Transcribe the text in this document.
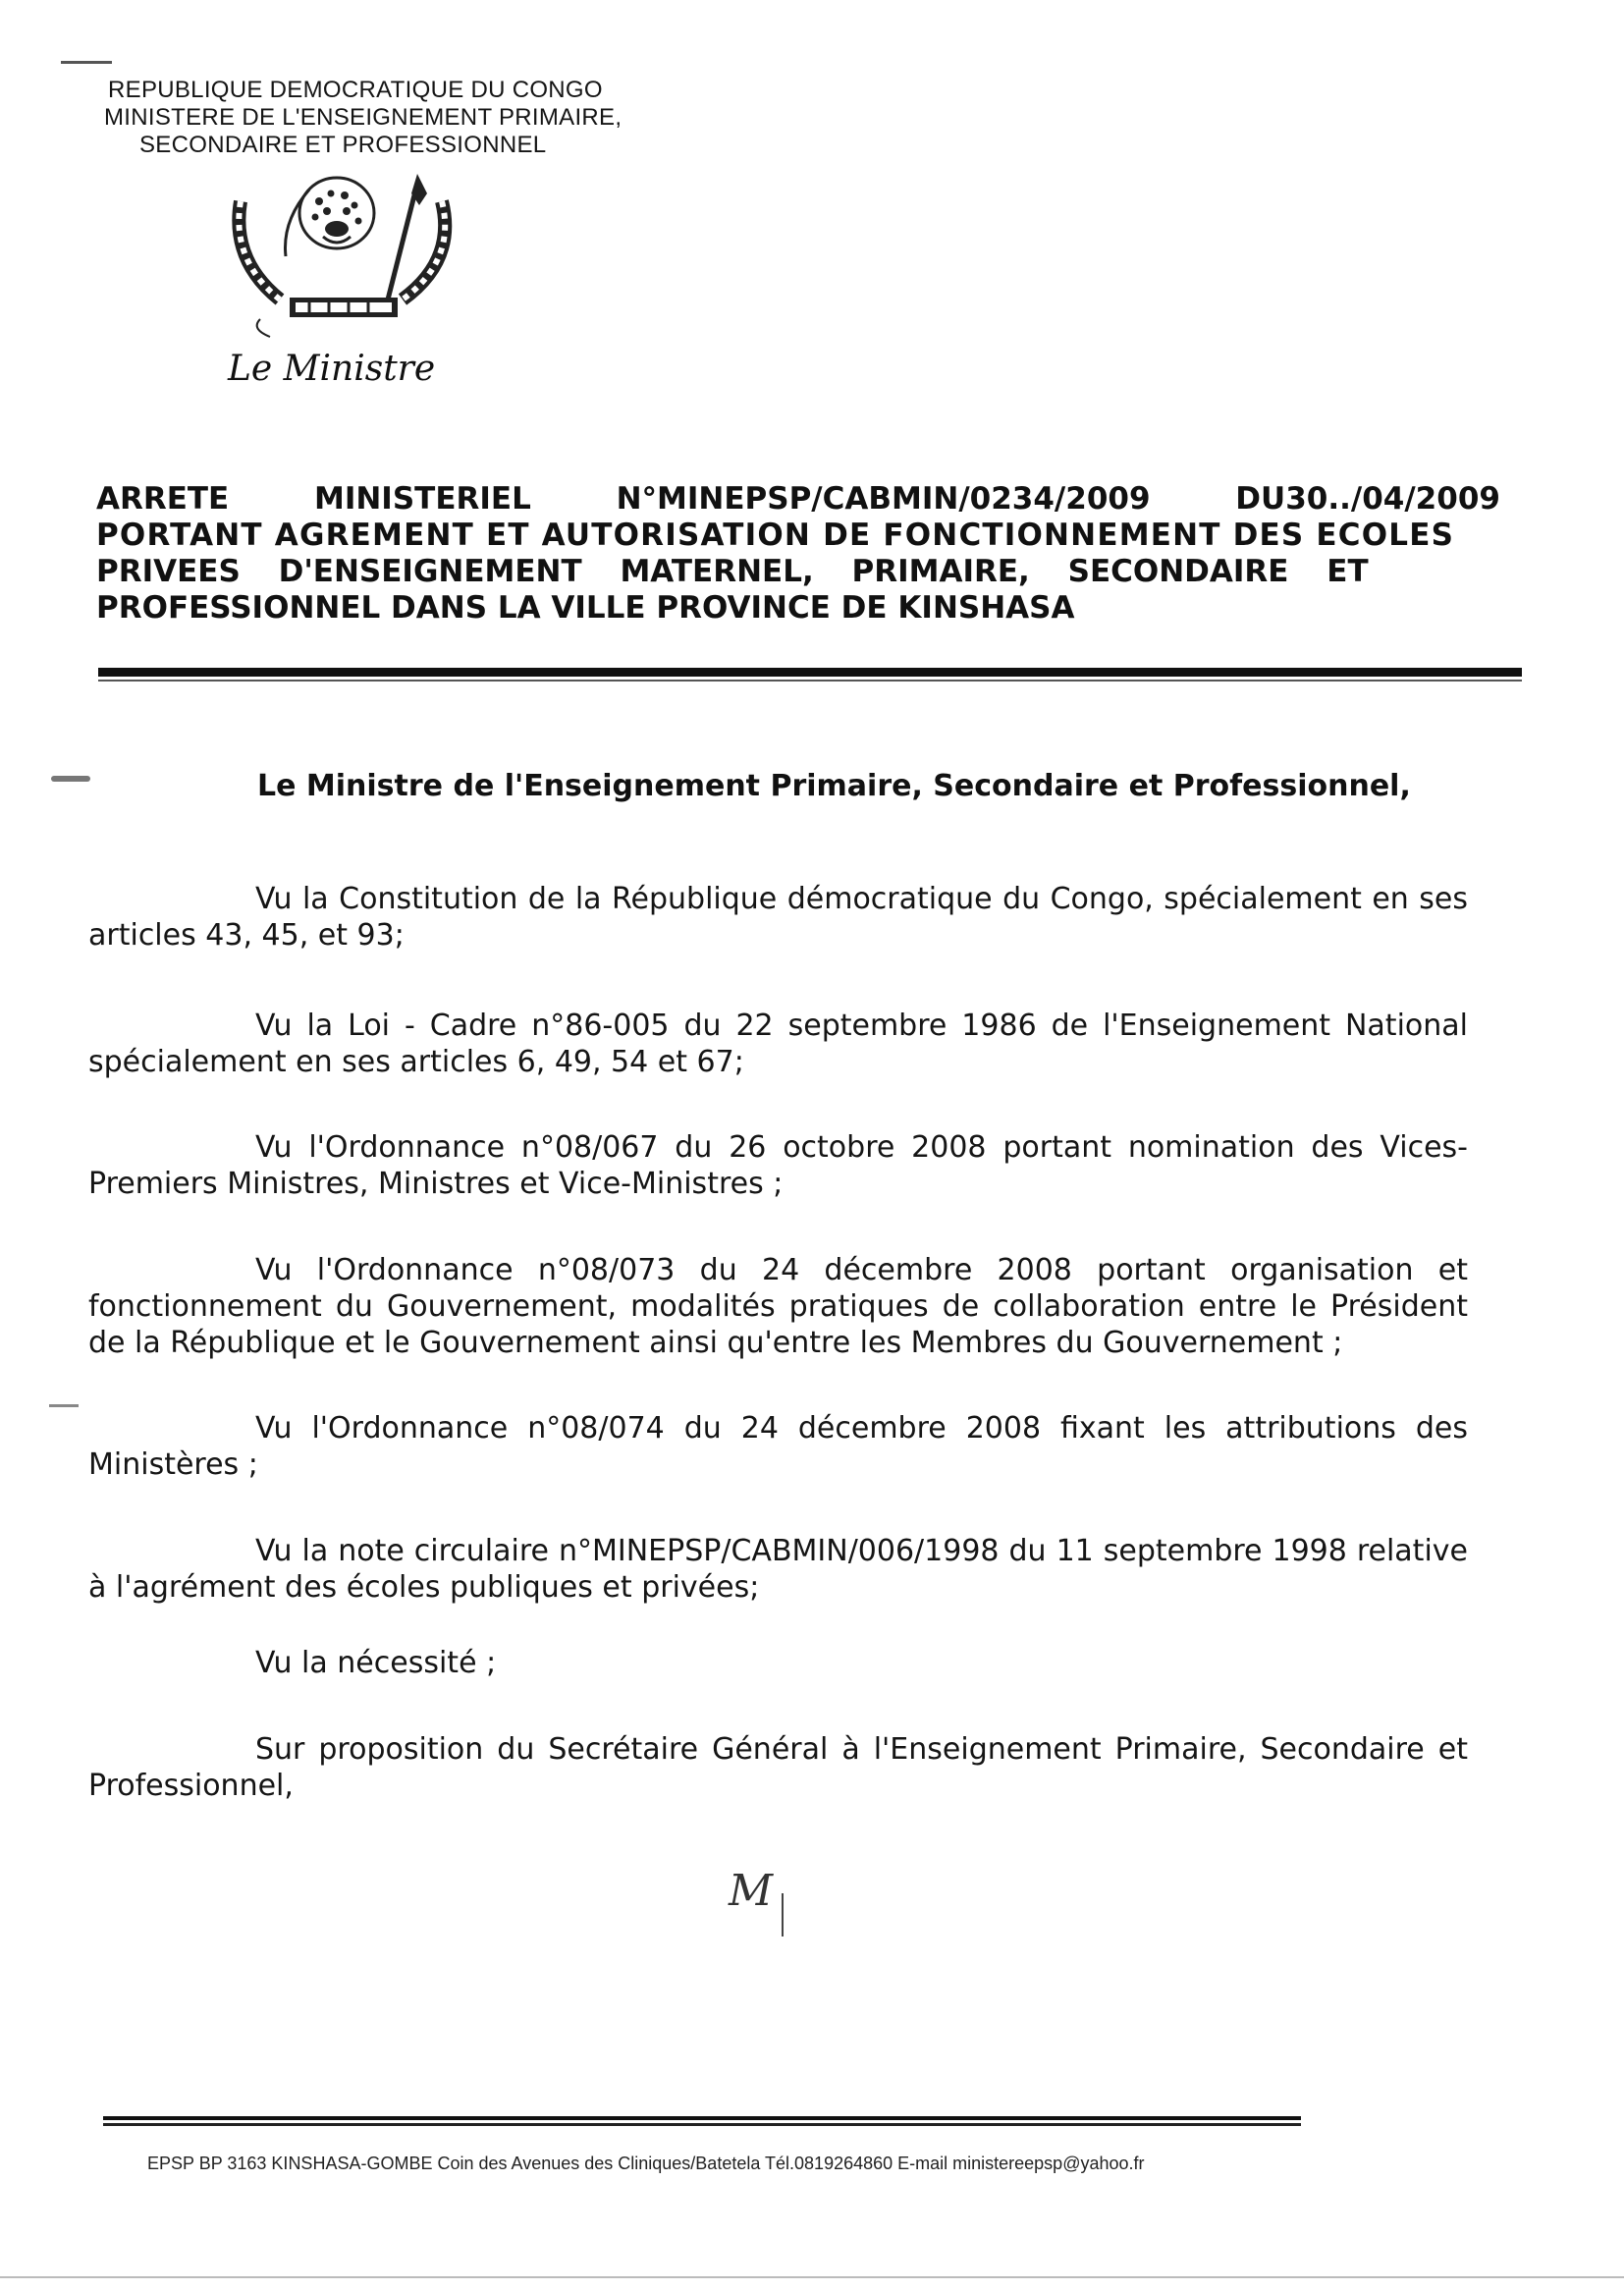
REPUBLIQUE DEMOCRATIQUE DU CONGO
MINISTERE DE L'ENSEIGNEMENT PRIMAIRE,
SECONDAIRE ET PROFESSIONNEL
Le Ministre
ARRETE	MINISTERIEL	N°MINEPSP/CABMIN/0234/2009	DU30../04/2009
PORTANT AGREMENT ET AUTORISATION DE FONCTIONNEMENT DES ECOLES
PRIVEES D'ENSEIGNEMENT MATERNEL, PRIMAIRE, SECONDAIRE ET
PROFESSIONNEL DANS LA VILLE PROVINCE DE KINSHASA
Le Ministre de l'Enseignement Primaire, Secondaire et Professionnel,
Vu la Constitution de la République démocratique du Congo, spécialement en ses articles 43, 45, et 93;
Vu la Loi - Cadre n°86-005 du 22 septembre 1986 de l'Enseignement National spécialement en ses articles 6, 49, 54 et 67;
Vu l'Ordonnance n°08/067 du 26 octobre 2008 portant nomination des Vices-Premiers Ministres, Ministres et Vice-Ministres ;
Vu l'Ordonnance n°08/073 du 24 décembre 2008 portant organisation et fonctionnement du Gouvernement, modalités pratiques de collaboration entre le Président de la République et le Gouvernement ainsi qu'entre les Membres du Gouvernement ;
Vu l'Ordonnance n°08/074 du 24 décembre 2008 fixant les attributions des Ministères ;
Vu la note circulaire n°MINEPSP/CABMIN/006/1998 du 11 septembre 1998 relative à l'agrément des écoles publiques et privées;
Vu la nécessité ;
Sur proposition du Secrétaire Général à l'Enseignement Primaire, Secondaire et Professionnel,
M
EPSP BP 3163 KINSHASA-GOMBE Coin des Avenues des Cliniques/Batetela Tél.0819264860 E-mail ministereepsp@yahoo.fr
